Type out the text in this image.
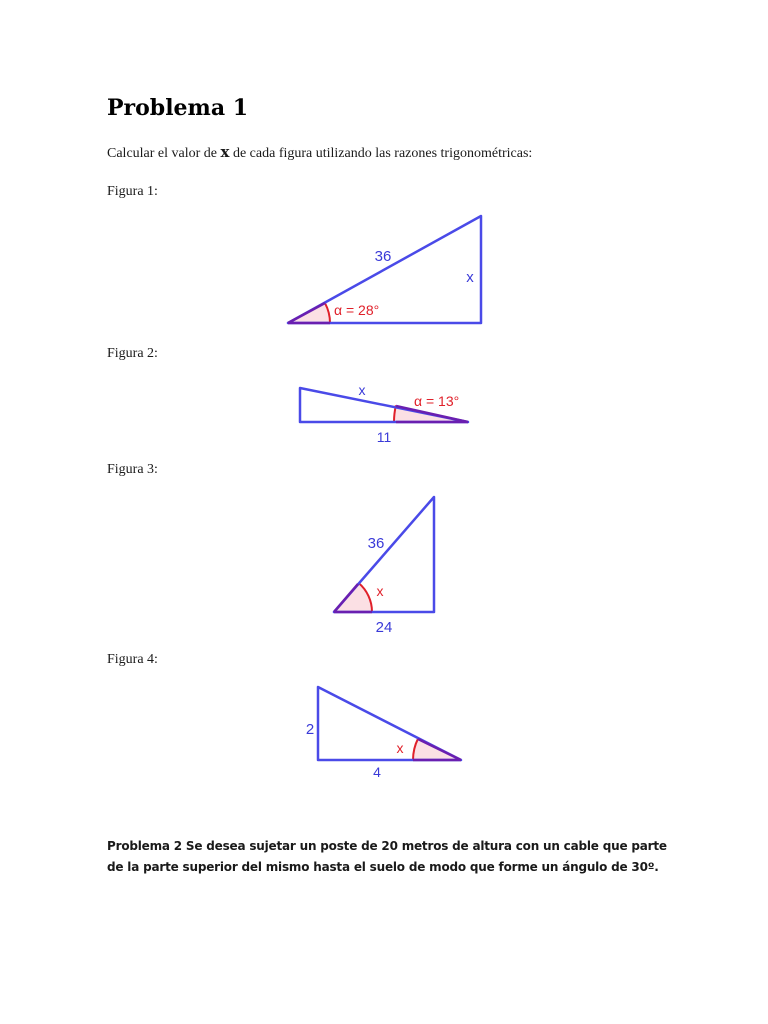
Problema 1
Calcular el valor de x de cada figura utilizando las razones trigonométricas:
Figura 1:
36
x
α = 28°
Figura 2:
x
11
α = 13°
Figura 3:
36
24
x
Figura 4:
2
4
x

Problema 2 Se desea sujetar un poste de 20 metros de altura con un cable que parte de la parte superior del mismo hasta el suelo de modo que forme un ángulo de 30º.
